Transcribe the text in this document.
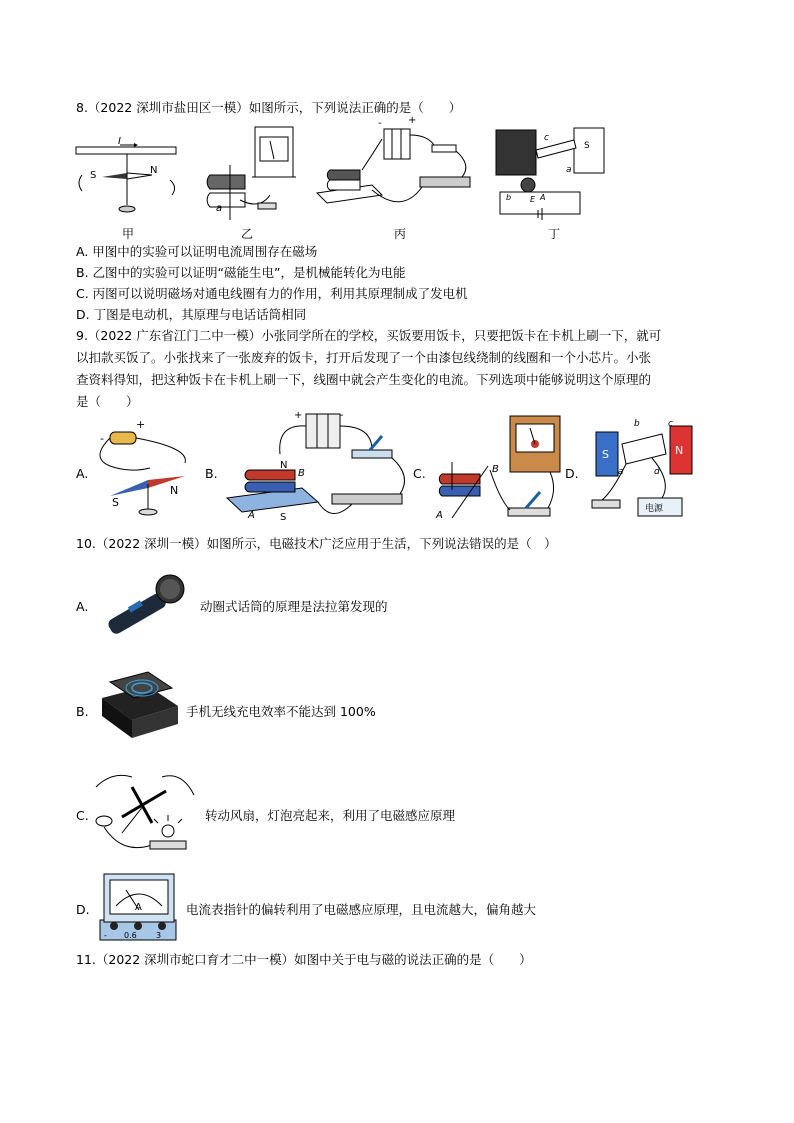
8.（2022 深圳市盐田区一模）如图所示，下列说法正确的是（　　）
I
S	N
甲
a
乙
-	+
丙
S
c
a
b E A
丁
A. 甲图中的实验可以证明电流周围存在磁场
B. 乙图中的实验可以证明“磁能生电”，是机械能转化为电能
C. 丙图可以说明磁场对通电线圈有力的作用，利用其原理制成了发电机
D. 丁图是电动机，其原理与电话话筒相同
9.（2022 广东省江门二中一模）小张同学所在的学校，买饭要用饭卡，只要把饭卡在卡机上刷一下，就可
以扣款买饭了。小张找来了一张废弃的饭卡，打开后发现了一个由漆包线绕制的线圈和一个小芯片。小张
查资料得知，把这种饭卡在卡机上刷一下，线圈中就会产生变化的电流。下列选项中能够说明这个原理的
是（　　）
A.
-
+
S
N
B.
+	-
N
B
A	S
C.	B
A
D.
S	N
b	c
a	d
电源
10.（2022 深圳一模）如图所示，电磁技术广泛应用于生活，下列说法错误的是（　）
A.	动圈式话筒的原理是法拉第发现的
B.	手机无线充电效率不能达到 100%
C.	转动风扇，灯泡亮起来，利用了电磁感应原理
D.	A
- 0.6 3
电流表指针的偏转利用了电磁感应原理，且电流越大，偏角越大
11.（2022 深圳市蛇口育才二中一模）如图中关于电与磁的说法正确的是（　　）
